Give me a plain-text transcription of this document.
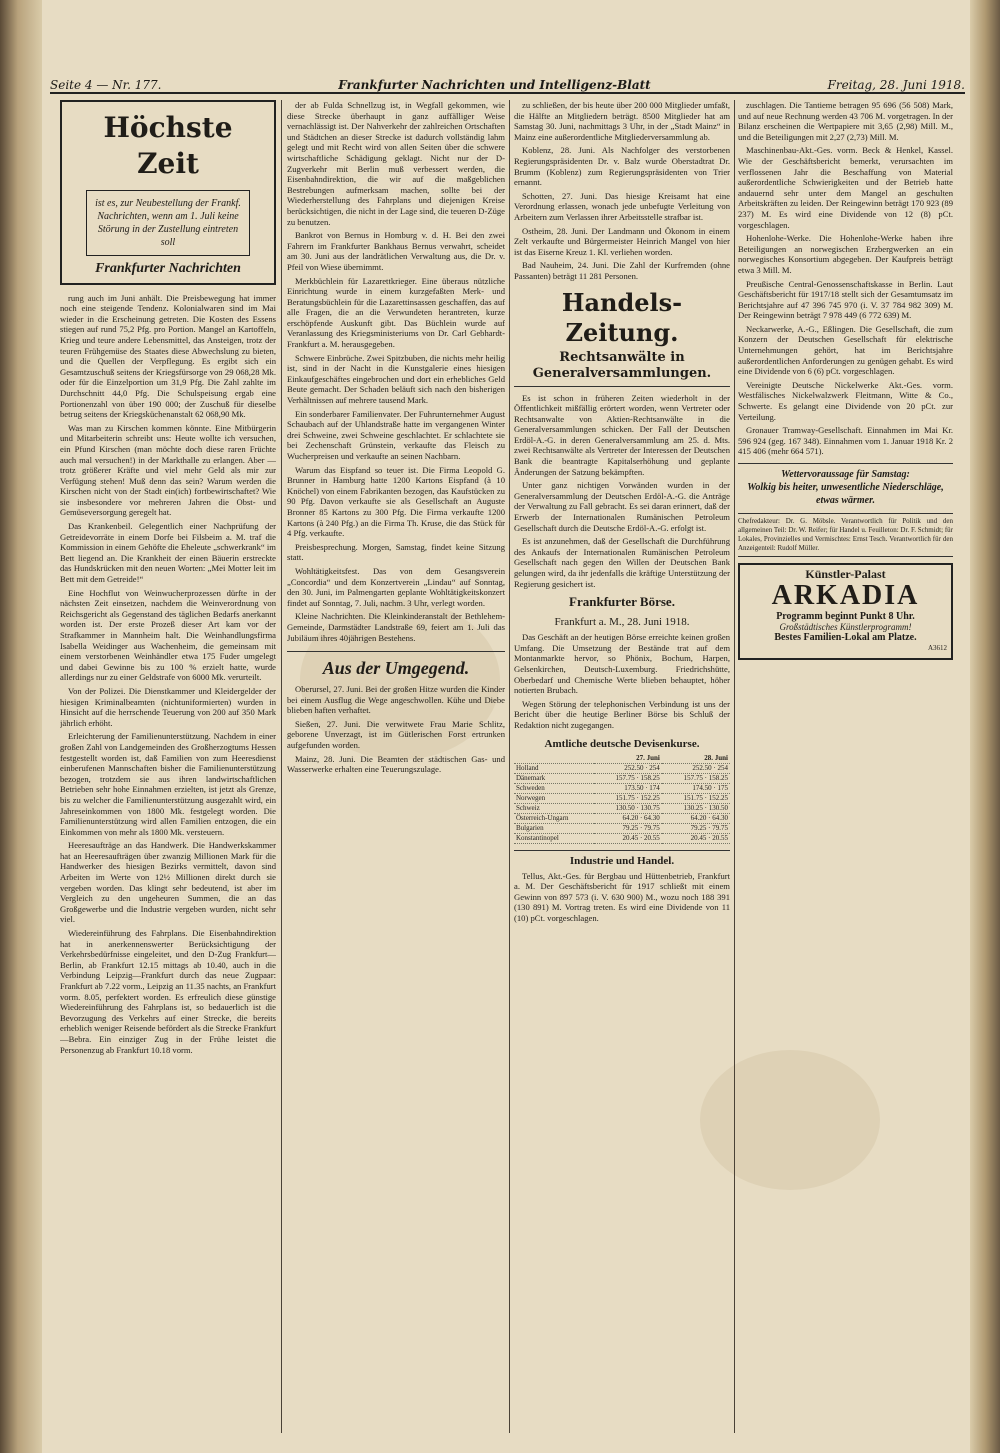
Seite 4 — Nr. 177.	Frankfurter Nachrichten und Intelligenz-Blatt	Freitag, 28. Juni 1918.
Höchste Zeit
ist es, zur Neubestellung der Frankf. Nachrichten, wenn am 1. Juli keine Störung in der Zustellung eintreten soll
Frankfurter Nachrichten

rung auch im Juni anhält. Die Preisbewegung hat immer noch eine steigende Tendenz. Kolonialwaren sind im Mai wieder in die Erscheinung getreten. Die Kosten des Essens stiegen auf rund 75,2 Pfg. pro Portion. Mangel an Kartoffeln, Krieg und teure andere Lebensmittel, das Ansteigen, trotz der teuren Frühgemüse des Staates diese Abwechslung zu bieten, und die Quellen der Verpflegung. Es ergibt sich ein Gesamtzuschuß seitens der Kriegsfürsorge von 29 068,28 Mk. oder für die Einzelportion um 31,9 Pfg. Die Zahl zahlte im Durchschnitt 44,0 Pfg. Die Schulspeisung ergab eine Portionenzahl von über 190 000; der Zuschuß für dieselbe betrug seitens der Kriegsküchenanstalt 62 068,90 Mk.

Was man zu Kirschen kommen könnte. Eine Mitbürgerin und Mitarbeiterin schreibt uns: Heute wollte ich versuchen, ein Pfund Kirschen (man möchte doch diese raren Früchte auch mal versuchen!) in der Markthalle zu erlangen. Aber — trotz größerer Kräfte und viel mehr Geld als mir zur Verfügung stehen! Muß denn das sein? Warum werden die Kirschen nicht von der Stadt ein(ich) fortbewirtschaftet? Wie sie insbesondere vor mehreren Jahren die Obst- und Gemüseversorgung geregelt hat.

Das Krankenbeil. Gelegentlich einer Nachprüfung der Getreidevorräte in einem Dorfe bei Filsbeim a. M. traf die Kommission in einem Gehöfte die Eheleute „schwerkrank“ im Bett liegend an. Die Krankheit der einen Bäuerin erstreckte das Hundskrücken mit den neuen Worten: „Mei Motter leit im Bett mit dem Getreide!“

Eine Hochflut von Weinwucherprozessen dürfte in der nächsten Zeit einsetzen, nachdem die Weinverordnung von Reichsgericht als Gegenstand des täglichen Bedarfs anerkannt worden ist. Der erste Prozeß dieser Art kam vor der Strafkammer in Mannheim halt. Die Weinhandlungsfirma Isabella Weidinger aus Wachenheim, die gemeinsam mit einem verstorbenen Weinhändler etwa 175 Fuder umgelegt und dabei Gewinne bis zu 100 % erzielt hatte, wurde allerdings nur zu einer Geldstrafe von 6000 Mk. verurteilt.

Von der Polizei. Die Dienstkammer und Kleidergelder der hiesigen Kriminalbeamten (nichtuniformierten) wurden in Hinsicht auf die herrschende Teuerung von 200 auf 350 Mark jährlich erhöht.

Erleichterung der Familienunterstützung. Nachdem in einer großen Zahl von Landgemeinden des Großherzogtums Hessen festgestellt worden ist, daß Familien von zum Heeresdienst einberufenen Mannschaften bisher die Familienunterstützung bezogen, trotzdem sie aus ihren landwirtschaftlichen Betrieben sehr hohe Einnahmen erzielten, ist jetzt als Grenze, bis zu welcher die Familienunterstützung ausgezahlt wird, ein Jahreseinkommen von 1800 Mk. festgelegt worden. Die Familienunterstützung wird allen Familien entzogen, die ein Einkommen von mehr als 1800 Mk. versteuern.

Heeresaufträge an das Handwerk. Die Handwerkskammer hat an Heeresaufträgen über zwanzig Millionen Mark für die Handwerker des hiesigen Bezirks vermittelt, davon sind Arbeiten im Werte von 12½ Millionen direkt durch sie vergeben worden. Das klingt sehr bedeutend, ist aber im Vergleich zu den ungeheuren Summen, die an das Großgewerbe und die Industrie vergeben wurden, nicht sehr viel.

Wiedereinführung des Fahrplans. Die Eisenbahndirektion hat in anerkennenswerter Berücksichtigung der Verkehrsbedürfnisse eingeleitet, und den D-Zug Frankfurt—Berlin, ab Frankfurt 12.15 mittags ab 10.40, auch in die Verbindung Leipzig—Frankfurt durch das neue Zugpaar: Frankfurt ab 7.22 vorm., Leipzig an 11.35 nachts, an Frankfurt vorm. 8.05, perfektert worden. Es erfreulich diese günstige Wiedereinführung des Fahrplans ist, so bedauerlich ist die Bevorzugung des Verkehrs auf einer Strecke, die bereits erheblich weniger Reisende befördert als die Strecke Frankfurt—Bebra. Ein einziger Zug in der Frühe leistet die Personenzug ab Frankfurt 10.18 vorm.

der ab Fulda Schnellzug ist, in Wegfall gekommen, wie diese Strecke überhaupt in ganz auffälliger Weise vernachlässigt ist. Der Nahverkehr der zahlreichen Ortschaften und Städtchen an dieser Strecke ist dadurch vollständig lahm gelegt und mit Recht wird von allen Seiten über die schwere wirtschaftliche Schädigung geklagt. Nicht nur der D-Zugverkehr mit Berlin muß verbessert werden, die Eisenbahndirektion, die wir auf die maßgeblichen Bestrebungen aufmerksam machen, sollte bei der Wiederherstellung des Fahrplans und diejenigen Kreise berücksichtigen, die nicht in der Lage sind, die teueren D-Züge zu benutzen.

Bankrot von Bernus in Homburg v. d. H. Bei den zwei Fahrern im Frankfurter Bankhaus Bernus verwahrt, scheidet am 30. Juni aus der landrätlichen Verwaltung aus, die Dr. v. Pfeil von Wiese übernimmt.

Merkbüchlein für Lazarettkrieger. Eine überaus nützliche Einrichtung wurde in einem kurzgefaßten Merk- und Beratungsbüchlein für die Lazarettinsassen geschaffen, das auf alle Fragen, die an die Verwundeten herantreten, kurze erschöpfende Auskunft gibt. Das Büchlein wurde auf Veranlassung des Kriegsministeriums von Dr. Carl Gebhardt-Frankfurt a. M. herausgegeben.

Schwere Einbrüche. Zwei Spitzbuben, die nichts mehr heilig ist, sind in der Nacht in die Kunstgalerie eines hiesigen Einkaufgeschäftes eingebrochen und dort ein erhebliches Geld Beute gemacht. Der Schaden beläuft sich nach den bisherigen Verhältnissen auf mehrere tausend Mark.

Ein sonderbarer Familienvater. Der Fuhrunternehmer August Schaubach auf der Uhlandstraße hatte im vergangenen Winter drei Schweine, zwei Schweine geschlachtet. Er schlachtete sie bei Zechenschaft Grünstein, verkaufte das Fleisch zu Wucherpreisen und verkaufte an seinen Nachbarn.

Warum das Eispfand so teuer ist. Die Firma Leopold G. Brunner in Hamburg hatte 1200 Kartons Eispfand (à 10 Knöchel) von einem Fabrikanten bezogen, das Kaufstücken zu 90 Pfg. Davon verkaufte sie als Gesellschaft an Auguste Bronner 85 Kartons zu 300 Pfg. Die Firma verkaufte 1200 Kartons (à 240 Pfg.) an die Firma Th. Kruse, die das Stück für 4 Pfg. verkaufte.

Preisbesprechung. Morgen, Samstag, findet keine Sitzung statt.

Wohltätigkeitsfest. Das von dem Gesangsverein „Concordia“ und dem Konzertverein „Lindau“ auf Sonntag, den 30. Juni, im Palmengarten geplante Wohltätigkeitskonzert findet auf Sonntag, 7. Juli, nachm. 3 Uhr, verlegt worden.

Kleine Nachrichten. Die Kleinkinderanstalt der Bethlehem-Gemeinde, Darmstädter Landstraße 69, feiert am 1. Juli das Jubiläum ihres 40jährigen Bestehens.

Aus der Umgegend.

Oberursel, 27. Juni. Bei der großen Hitze wurden die Kinder bei einem Ausflug die Wege angeschwollen. Kühe und Diebe blieben haften verhaftet.

Sießen, 27. Juni. Die verwitwete Frau Marie Schlitz, geborene Unverzagt, ist im Gütlerischen Forst ertrunken aufgefunden worden.

Mainz, 28. Juni. Die Beamten der städtischen Gas- und Wasserwerke erhalten eine Teuerungszulage.

zu schließen, der bis heute über 200 000 Mitglieder umfaßt, die Hälfte an Mitgliedern beträgt. 8500 Mitglieder hat am Samstag 30. Juni, nachmittags 3 Uhr, in der „Stadt Mainz“ in Mainz eine außerordentliche Mitgliederversammlung ab.

Koblenz, 28. Juni. Als Nachfolger des verstorbenen Regierungspräsidenten Dr. v. Balz wurde Oberstadtrat Dr. Brumm (Koblenz) zum Regierungspräsidenten von Trier ernannt.

Schotten, 27. Juni. Das hiesige Kreisamt hat eine Verordnung erlassen, wonach jede unbefugte Verleitung von Arbeitern zum Verlassen ihrer Arbeitsstelle strafbar ist.

Ostheim, 28. Juni. Der Landmann und Ökonom in einem Zelt verkaufte und Bürgermeister Heinrich Mangel von hier ist das Eiserne Kreuz 1. Kl. verliehen worden.

Bad Nauheim, 24. Juni. Die Zahl der Kurfremden (ohne Passanten) beträgt 11 281 Personen.

Handels-Zeitung.
Rechtsanwälte in Generalversammlungen.

Es ist schon in früheren Zeiten wiederholt in der Öffentlichkeit mißfällig erörtert worden, wenn Vertreter oder Rechtsanwalte von Aktien-Rechtsanwälte in die Generalversammlungen schicken. Der Fall der Deutschen Erdöl-A.-G. in deren Generalversammlung am 25. d. Mts. zwei Rechtsanwälte als Vertreter der Interessen der Deutschen Bank die beantragte Kapitalserhöhung und geplante Änderungen der Satzung bekämpften.

Unter ganz nichtigen Vorwänden wurden in der Generalversammlung der Deutschen Erdöl-A.-G. die Anträge der Verwaltung zu Fall gebracht. Es sei daran erinnert, daß der Erwerb der Internationalen Rumänischen Petroleum Gesellschaft durch die Deutsche Erdöl-A.-G. erfolgt ist.

Es ist anzunehmen, daß der Gesellschaft die Durchführung des Ankaufs der Internationalen Rumänischen Petroleum Gesellschaft nach gegen den Willen der Deutschen Bank gelungen wird, da ihr jedenfalls die kräftige Unterstützung der Regierung gesichert ist.

Frankfurter Börse.
Frankfurt a. M., 28. Juni 1918.

Das Geschäft an der heutigen Börse erreichte keinen großen Umfang. Die Umsetzung der Bestände trat auf dem Montanmarkte hervor, so Phönix, Bochum, Harpen, Gelsenkirchen, Deutsch-Luxemburg. Friedrichshütte, Oberbedarf und Chemische Werte blieben behauptet, höher notierten Brubach.

Wegen Störung der telephonischen Verbindung ist uns der Bericht über die heutige Berliner Börse bis Schluß der Redaktion nicht zugegangen.

Amtliche deutsche Devisenkurse.
	27. Juni	28. Juni
Holland	252.50 · 254	252.50 · 254
Dänemark	157.75 · 158.25	157.75 · 158.25
Schweden	173.50 · 174	174.50 · 175
Norwegen	151.75 · 152.25	151.75 · 152.25
Schweiz	130.50 · 130.75	130.25 · 130.50
Österreich-Ungarn	64.20 · 64.30	64.20 · 64.30
Bulgarien	79.25 · 79.75	79.25 · 79.75
Konstantinopel	20.45 · 20.55	20.45 · 20.55
Industrie und Handel.

Tellus, Akt.-Ges. für Bergbau und Hüttenbetrieb, Frankfurt a. M. Der Geschäftsbericht für 1917 schließt mit einem Gewinn von 897 573 (i. V. 630 900) M., wozu noch 188 391 (130 891) M. Vortrag treten. Es wird eine Dividende von 11 (10) pCt. vorgeschlagen.

zuschlagen. Die Tantieme betragen 95 696 (56 508) Mark, und auf neue Rechnung werden 43 706 M. vorgetragen. In der Bilanz erscheinen die Wertpapiere mit 3,65 (2,98) Mill. M., und die Beteiligungen mit 2,27 (2,73) Mill. M.

Maschinenbau-Akt.-Ges. vorm. Beck & Henkel, Kassel. Wie der Geschäftsbericht bemerkt, verursachten im verflossenen Jahr die Beschaffung von Material außerordentliche Schwierigkeiten und der Betrieb hatte andauernd sehr unter dem Mangel an geschulten Arbeitskräften zu leiden. Der Reingewinn beträgt 170 923 (89 237) M. Es wird eine Dividende von 12 (8) pCt. vorgeschlagen.

Hohenlohe-Werke. Die Hohenlohe-Werke haben ihre Beteiligungen an norwegischen Erzbergwerken an ein norwegisches Konsortium abgegeben. Der Kaufpreis beträgt etwa 3 Mill. M.

Preußische Central-Genossenschaftskasse in Berlin. Laut Geschäftsbericht für 1917/18 stellt sich der Gesamtumsatz im Berichtsjahre auf 47 396 745 970 (i. V. 37 784 982 309) M. Der Reingewinn beträgt 7 978 449 (6 772 639) M.

Neckarwerke, A.-G., Eßlingen. Die Gesellschaft, die zum Konzern der Deutschen Gesellschaft für elektrische Unternehmungen gehört, hat im Berichtsjahre außerordentlichen Anforderungen zu genügen gehabt. Es wird eine Dividende von 6 (6) pCt. vorgeschlagen.

Vereinigte Deutsche Nickelwerke Akt.-Ges. vorm. Westfälisches Nickelwalzwerk Fleitmann, Witte & Co., Schwerte. Es gelangt eine Dividende von 20 pCt. zur Verteilung.

Gronauer Tramway-Gesellschaft. Einnahmen im Mai Kr. 596 924 (geg. 167 348). Einnahmen vom 1. Januar 1918 Kr. 2 415 406 (mehr 664 571).

Wettervoraussage für Samstag:
Wolkig bis heiter, unwesentliche Niederschläge, etwas wärmer.
Chefredakteur: Dr. G. Möbsle. Verantwortlich für Politik und den allgemeinen Teil: Dr. W. Reifer; für Handel u. Feuilleton: Dr. F. Schmidt; für Lokales, Provinzielles und Vermischtes: Ernst Tesch. Verantwortlich für den Anzeigenteil: Rudolf Müller.
Künstler-Palast
ARKADIA
Programm beginnt Punkt 8 Uhr.
Großstädtisches Künstlerprogramm!
Bestes Familien-Lokal am Platze.
A3612
